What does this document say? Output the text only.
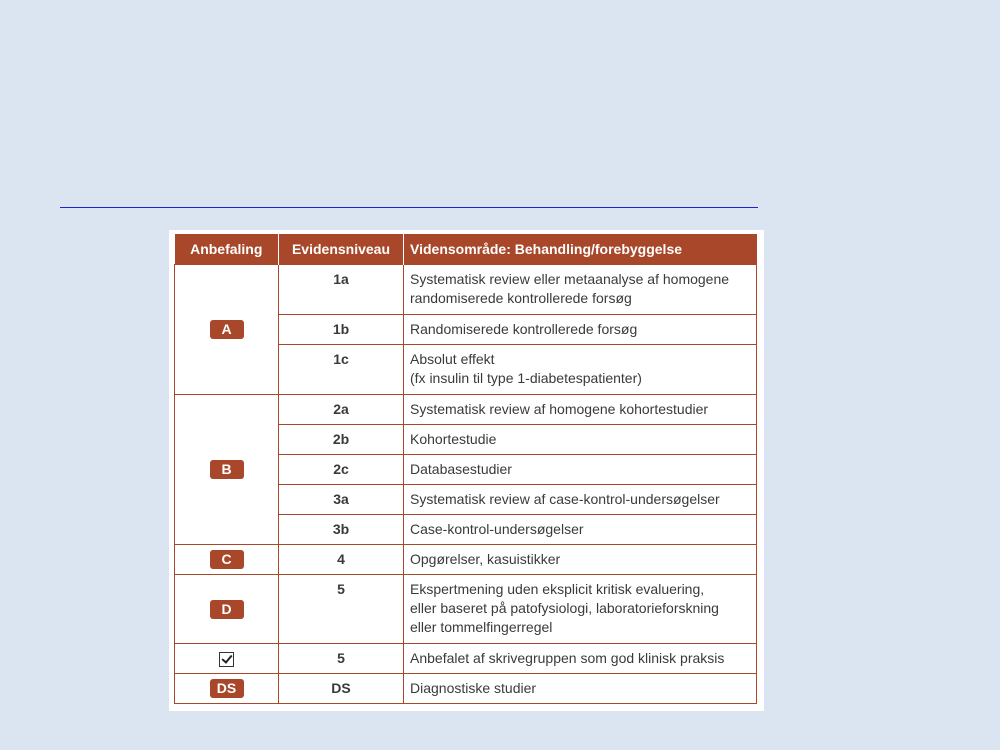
Anbefaling	Evidensniveau	Vidensområde: Behandling/forebyggelse
A	1a	Systematisk review eller metaanalyse af homogene
randomiserede kontrollerede forsøg

	1b	Randomiserede kontrollerede forsøg

	1c	Absolut effekt
(fx insulin til type 1-diabetespatienter)

B	2a	Systematisk review af homogene kohortestudier

	2b	Kohortestudie

	2c	Databasestudier

	3a	Systematisk review af case-kontrol-undersøgelser

	3b	Case-kontrol-undersøgelser

C	4	Opgørelser, kasuistikker

D	5	Ekspertmening uden eksplicit kritisk evaluering,
eller baseret på patofysiologi, laboratorieforskning
eller tommelfingerregel

	5	Anbefalet af skrivegruppen som god klinisk praksis

DS	DS	Diagnostiske studier
